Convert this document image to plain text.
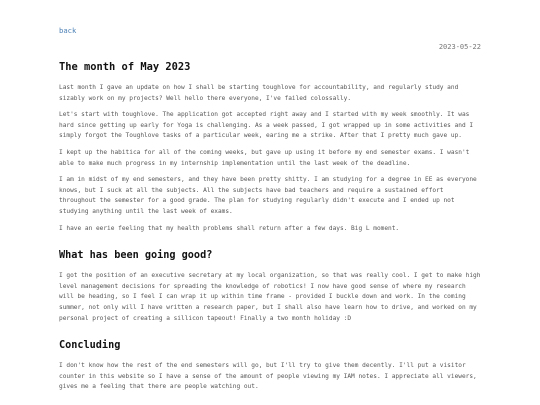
back
2023-05-22
The month of May 2023

Last month I gave an update on how I shall be starting toughlove for accountability, and regularly study and sizably work on my projects? Well hello there everyone, I've failed colossally.

Let's start with toughlove. The application got accepted right away and I started with my week smoothly. It was hard since getting up early for Yoga is challenging. As a week passed, I got wrapped up in some activities and I simply forgot the Toughlove tasks of a particular week, earing me a strike. After that I pretty much gave up.

I kept up the habitica for all of the coming weeks, but gave up using it before my end semester exams. I wasn't able to make much progress in my internship implementation until the last week of the deadline.

I am in midst of my end semesters, and they have been pretty shitty. I am studying for a degree in EE as everyone knows, but I suck at all the subjects. All the subjects have bad teachers and require a sustained effort throughout the semester for a good grade. The plan for studying regularly didn't execute and I ended up not studying anything until the last week of exams.

I have an eerie feeling that my health problems shall return after a few days. Big L moment.

What has been going good?

I got the position of an executive secretary at my local organization, so that was really cool. I get to make high level management decisions for spreading the knowledge of robotics! I now have good sense of where my research will be heading, so I feel I can wrap it up within time frame - provided I buckle down and work. In the coming summer, not only will I have written a research paper, but I shall also have learn how to drive, and worked on my personal project of creating a sillicon tapeout! Finally a two month holiday :D

Concluding

I don't know how the rest of the end semesters will go, but I'll try to give them decently. I'll put a visitor counter in this website so I have a sense of the amount of people viewing my IAM notes. I appreciate all viewers, gives me a feeling that there are people watching out.
